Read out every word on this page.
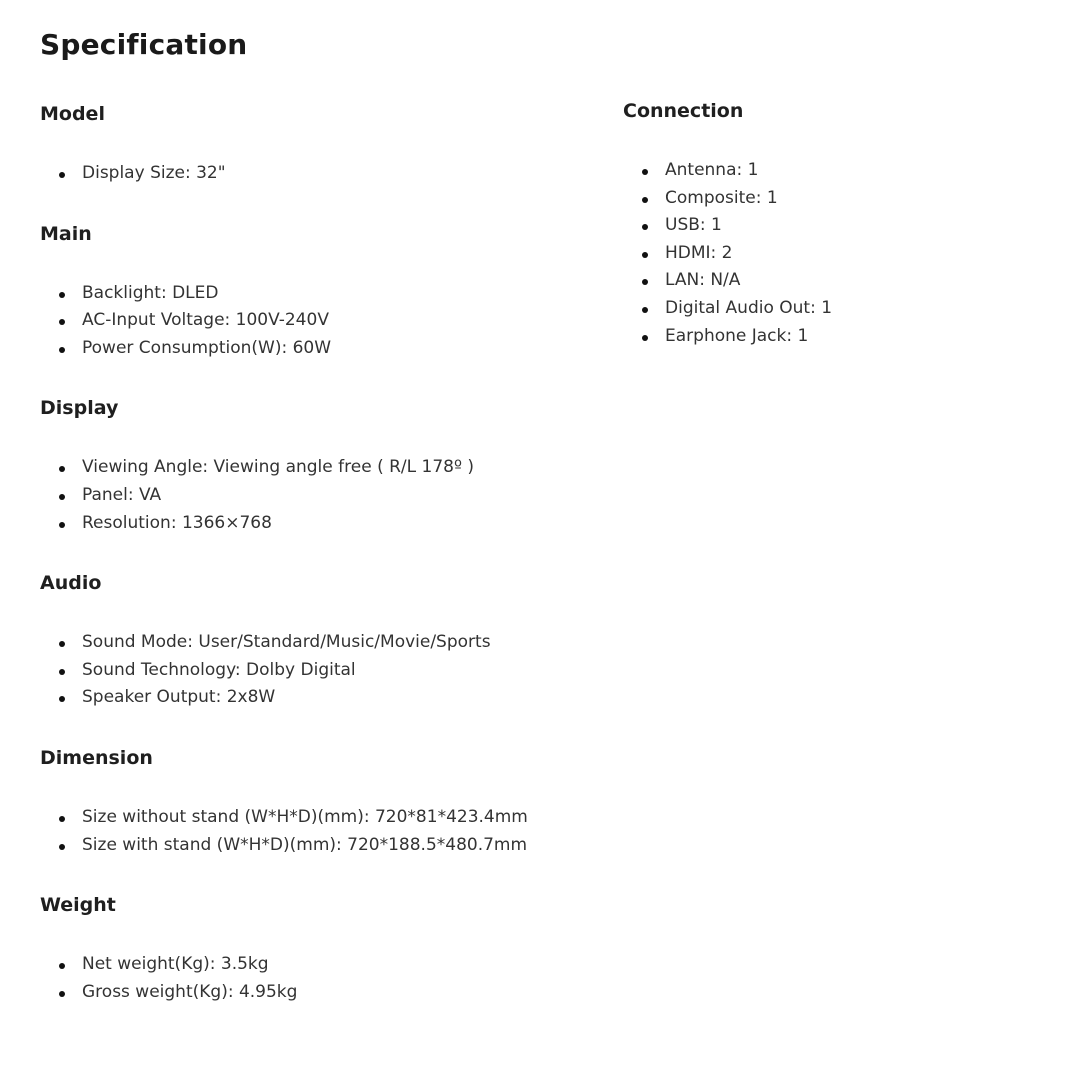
Specification
Model
Display Size: 32"
Main
Backlight: DLED
AC-Input Voltage: 100V-240V
Power Consumption(W): 60W
Display
Viewing Angle: Viewing angle free ( R/L 178º )
Panel: VA
Resolution: 1366×768
Audio
Sound Mode: User/Standard/Music/Movie/Sports
Sound Technology: Dolby Digital
Speaker Output: 2x8W
Dimension
Size without stand (W*H*D)(mm): 720*81*423.4mm
Size with stand (W*H*D)(mm): 720*188.5*480.7mm
Weight
Net weight(Kg): 3.5kg
Gross weight(Kg): 4.95kg
Connection
Antenna: 1
Composite: 1
USB: 1
HDMI: 2
LAN: N/A
Digital Audio Out: 1
Earphone Jack: 1
